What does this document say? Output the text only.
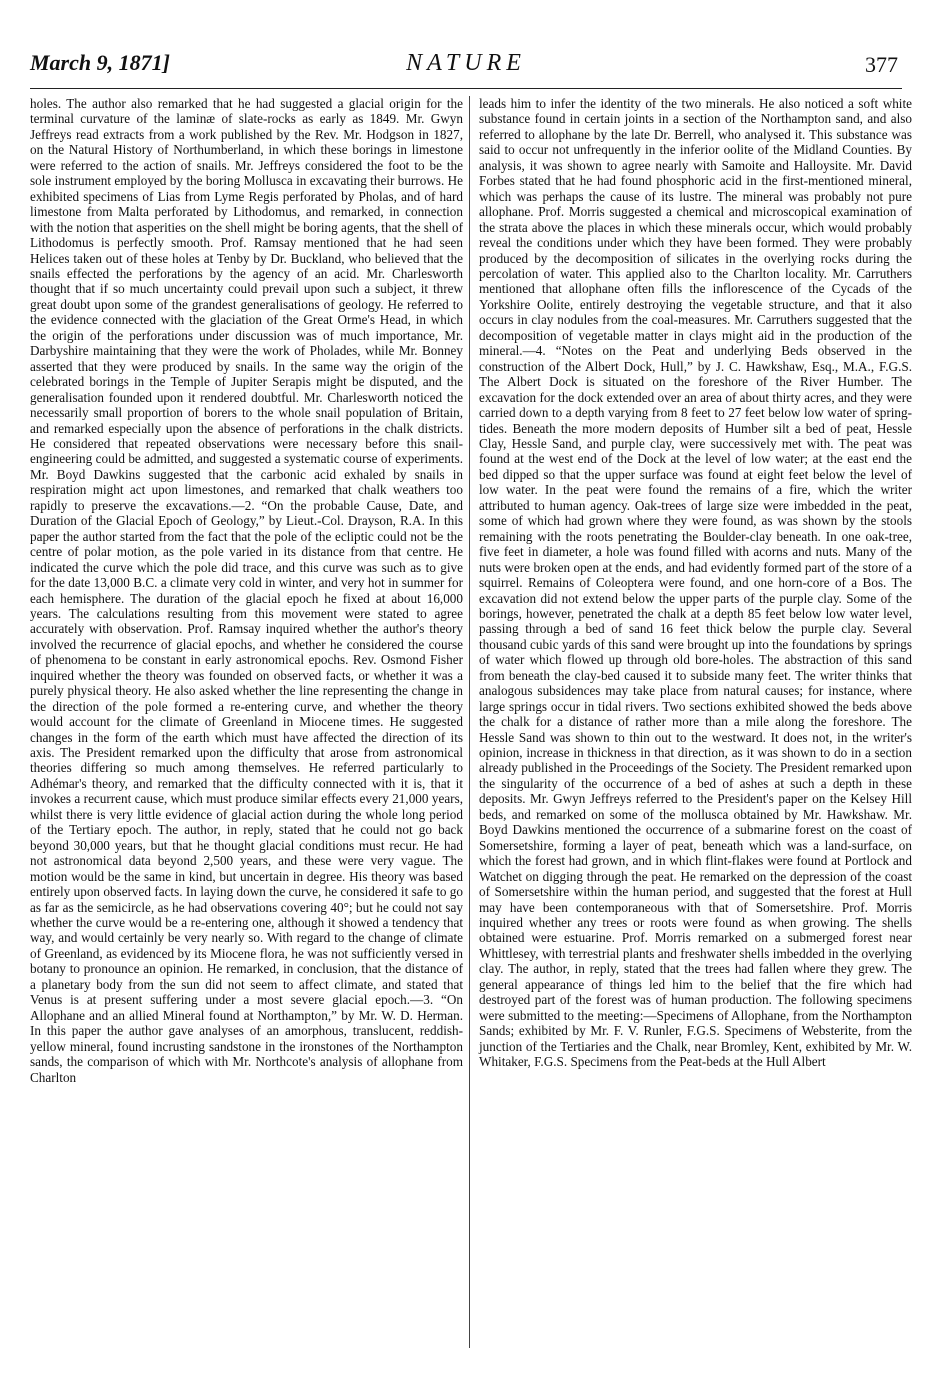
March 9, 1871]	NATURE	377

holes. The author also remarked that he had suggested a glacial origin for the terminal curvature of the laminæ of slate-rocks as early as 1849. Mr. Gwyn Jeffreys read extracts from a work published by the Rev. Mr. Hodgson in 1827, on the Natural History of Northumberland, in which these borings in limestone were referred to the action of snails. Mr. Jeffreys considered the foot to be the sole instrument employed by the boring Mollusca in excavating their burrows. He exhibited specimens of Lias from Lyme Regis perforated by Pholas, and of hard limestone from Malta perforated by Lithodomus, and remarked, in connection with the notion that asperities on the shell might be boring agents, that the shell of Lithodomus is perfectly smooth. Prof. Ramsay mentioned that he had seen Helices taken out of these holes at Tenby by Dr. Buckland, who believed that the snails effected the perforations by the agency of an acid. Mr. Charlesworth thought that if so much uncertainty could prevail upon such a subject, it threw great doubt upon some of the grandest generalisations of geology. He referred to the evidence connected with the glaciation of the Great Orme's Head, in which the origin of the perforations under discussion was of much importance, Mr. Darbyshire maintaining that they were the work of Pholades, while Mr. Bonney asserted that they were produced by snails. In the same way the origin of the celebrated borings in the Temple of Jupiter Serapis might be disputed, and the generalisation founded upon it rendered doubtful. Mr. Charlesworth noticed the necessarily small proportion of borers to the whole snail population of Britain, and remarked especially upon the absence of perforations in the chalk districts. He considered that repeated observations were necessary before this snail-engineering could be admitted, and suggested a systematic course of experiments. Mr. Boyd Dawkins suggested that the carbonic acid exhaled by snails in respiration might act upon limestones, and remarked that chalk weathers too rapidly to preserve the excavations.—2. “On the probable Cause, Date, and Duration of the Glacial Epoch of Geology,” by Lieut.-Col. Drayson, R.A. In this paper the author started from the fact that the pole of the ecliptic could not be the centre of polar motion, as the pole varied in its distance from that centre. He indicated the curve which the pole did trace, and this curve was such as to give for the date 13,000 B.C. a climate very cold in winter, and very hot in summer for each hemisphere. The duration of the glacial epoch he fixed at about 16,000 years. The calculations resulting from this movement were stated to agree accurately with observation. Prof. Ramsay inquired whether the author's theory involved the recurrence of glacial epochs, and whether he considered the course of phenomena to be constant in early astronomical epochs. Rev. Osmond Fisher inquired whether the theory was founded on observed facts, or whether it was a purely physical theory. He also asked whether the line representing the change in the direction of the pole formed a re-entering curve, and whether the theory would account for the climate of Greenland in Miocene times. He suggested changes in the form of the earth which must have affected the direction of its axis. The President remarked upon the difficulty that arose from astronomical theories differing so much among themselves. He referred particularly to Adhémar's theory, and remarked that the difficulty connected with it is, that it invokes a recurrent cause, which must produce similar effects every 21,000 years, whilst there is very little evidence of glacial action during the whole long period of the Tertiary epoch. The author, in reply, stated that he could not go back beyond 30,000 years, but that he thought glacial conditions must recur. He had not astronomical data beyond 2,500 years, and these were very vague. The motion would be the same in kind, but uncertain in degree. His theory was based entirely upon observed facts. In laying down the curve, he considered it safe to go as far as the semicircle, as he had observations covering 40°; but he could not say whether the curve would be a re-entering one, although it showed a tendency that way, and would certainly be very nearly so. With regard to the change of climate of Greenland, as evidenced by its Miocene flora, he was not sufficiently versed in botany to pronounce an opinion. He remarked, in conclusion, that the distance of a planetary body from the sun did not seem to affect climate, and stated that Venus is at present suffering under a most severe glacial epoch.—3. “On Allophane and an allied Mineral found at Northampton,” by Mr. W. D. Herman. In this paper the author gave analyses of an amorphous, translucent, reddish-yellow mineral, found incrusting sandstone in the ironstones of the Northampton sands, the comparison of which with Mr. Northcote's analysis of allophane from Charlton

leads him to infer the identity of the two minerals. He also noticed a soft white substance found in certain joints in a section of the Northampton sand, and also referred to allophane by the late Dr. Berrell, who analysed it. This substance was said to occur not unfrequently in the inferior oolite of the Midland Counties. By analysis, it was shown to agree nearly with Samoite and Halloysite. Mr. David Forbes stated that he had found phosphoric acid in the first-mentioned mineral, which was perhaps the cause of its lustre. The mineral was probably not pure allophane. Prof. Morris suggested a chemical and microscopical examination of the strata above the places in which these minerals occur, which would probably reveal the conditions under which they have been formed. They were probably produced by the decomposition of silicates in the overlying rocks during the percolation of water. This applied also to the Charlton locality. Mr. Carruthers mentioned that allophane often fills the inflorescence of the Cycads of the Yorkshire Oolite, entirely destroying the vegetable structure, and that it also occurs in clay nodules from the coal-measures. Mr. Carruthers suggested that the decomposition of vegetable matter in clays might aid in the production of the mineral.—4. “Notes on the Peat and underlying Beds observed in the construction of the Albert Dock, Hull,” by J. C. Hawkshaw, Esq., M.A., F.G.S. The Albert Dock is situated on the foreshore of the River Humber. The excavation for the dock extended over an area of about thirty acres, and they were carried down to a depth varying from 8 feet to 27 feet below low water of spring-tides. Beneath the more modern deposits of Humber silt a bed of peat, Hessle Clay, Hessle Sand, and purple clay, were successively met with. The peat was found at the west end of the Dock at the level of low water; at the east end the bed dipped so that the upper surface was found at eight feet below the level of low water. In the peat were found the remains of a fire, which the writer attributed to human agency. Oak-trees of large size were imbedded in the peat, some of which had grown where they were found, as was shown by the stools remaining with the roots penetrating the Boulder-clay beneath. In one oak-tree, five feet in diameter, a hole was found filled with acorns and nuts. Many of the nuts were broken open at the ends, and had evidently formed part of the store of a squirrel. Remains of Coleoptera were found, and one horn-core of a Bos. The excavation did not extend below the upper parts of the purple clay. Some of the borings, however, penetrated the chalk at a depth 85 feet below low water level, passing through a bed of sand 16 feet thick below the purple clay. Several thousand cubic yards of this sand were brought up into the foundations by springs of water which flowed up through old bore-holes. The abstraction of this sand from beneath the clay-bed caused it to subside many feet. The writer thinks that analogous subsidences may take place from natural causes; for instance, where large springs occur in tidal rivers. Two sections exhibited showed the beds above the chalk for a distance of rather more than a mile along the foreshore. The Hessle Sand was shown to thin out to the westward. It does not, in the writer's opinion, increase in thickness in that direction, as it was shown to do in a section already published in the Proceedings of the Society. The President remarked upon the singularity of the occurrence of a bed of ashes at such a depth in these deposits. Mr. Gwyn Jeffreys referred to the President's paper on the Kelsey Hill beds, and remarked on some of the mollusca obtained by Mr. Hawkshaw. Mr. Boyd Dawkins mentioned the occurrence of a submarine forest on the coast of Somersetshire, forming a layer of peat, beneath which was a land-surface, on which the forest had grown, and in which flint-flakes were found at Portlock and Watchet on digging through the peat. He remarked on the depression of the coast of Somersetshire within the human period, and suggested that the forest at Hull may have been contemporaneous with that of Somersetshire. Prof. Morris inquired whether any trees or roots were found as when growing. The shells obtained were estuarine. Prof. Morris remarked on a submerged forest near Whittlesey, with terrestrial plants and freshwater shells imbedded in the overlying clay. The author, in reply, stated that the trees had fallen where they grew. The general appearance of things led him to the belief that the fire which had destroyed part of the forest was of human production. The following specimens were submitted to the meeting:—Specimens of Allophane, from the Northampton Sands; exhibited by Mr. F. V. Runler, F.G.S. Specimens of Websterite, from the junction of the Tertiaries and the Chalk, near Bromley, Kent, exhibited by Mr. W. Whitaker, F.G.S. Specimens from the Peat-beds at the Hull Albert
